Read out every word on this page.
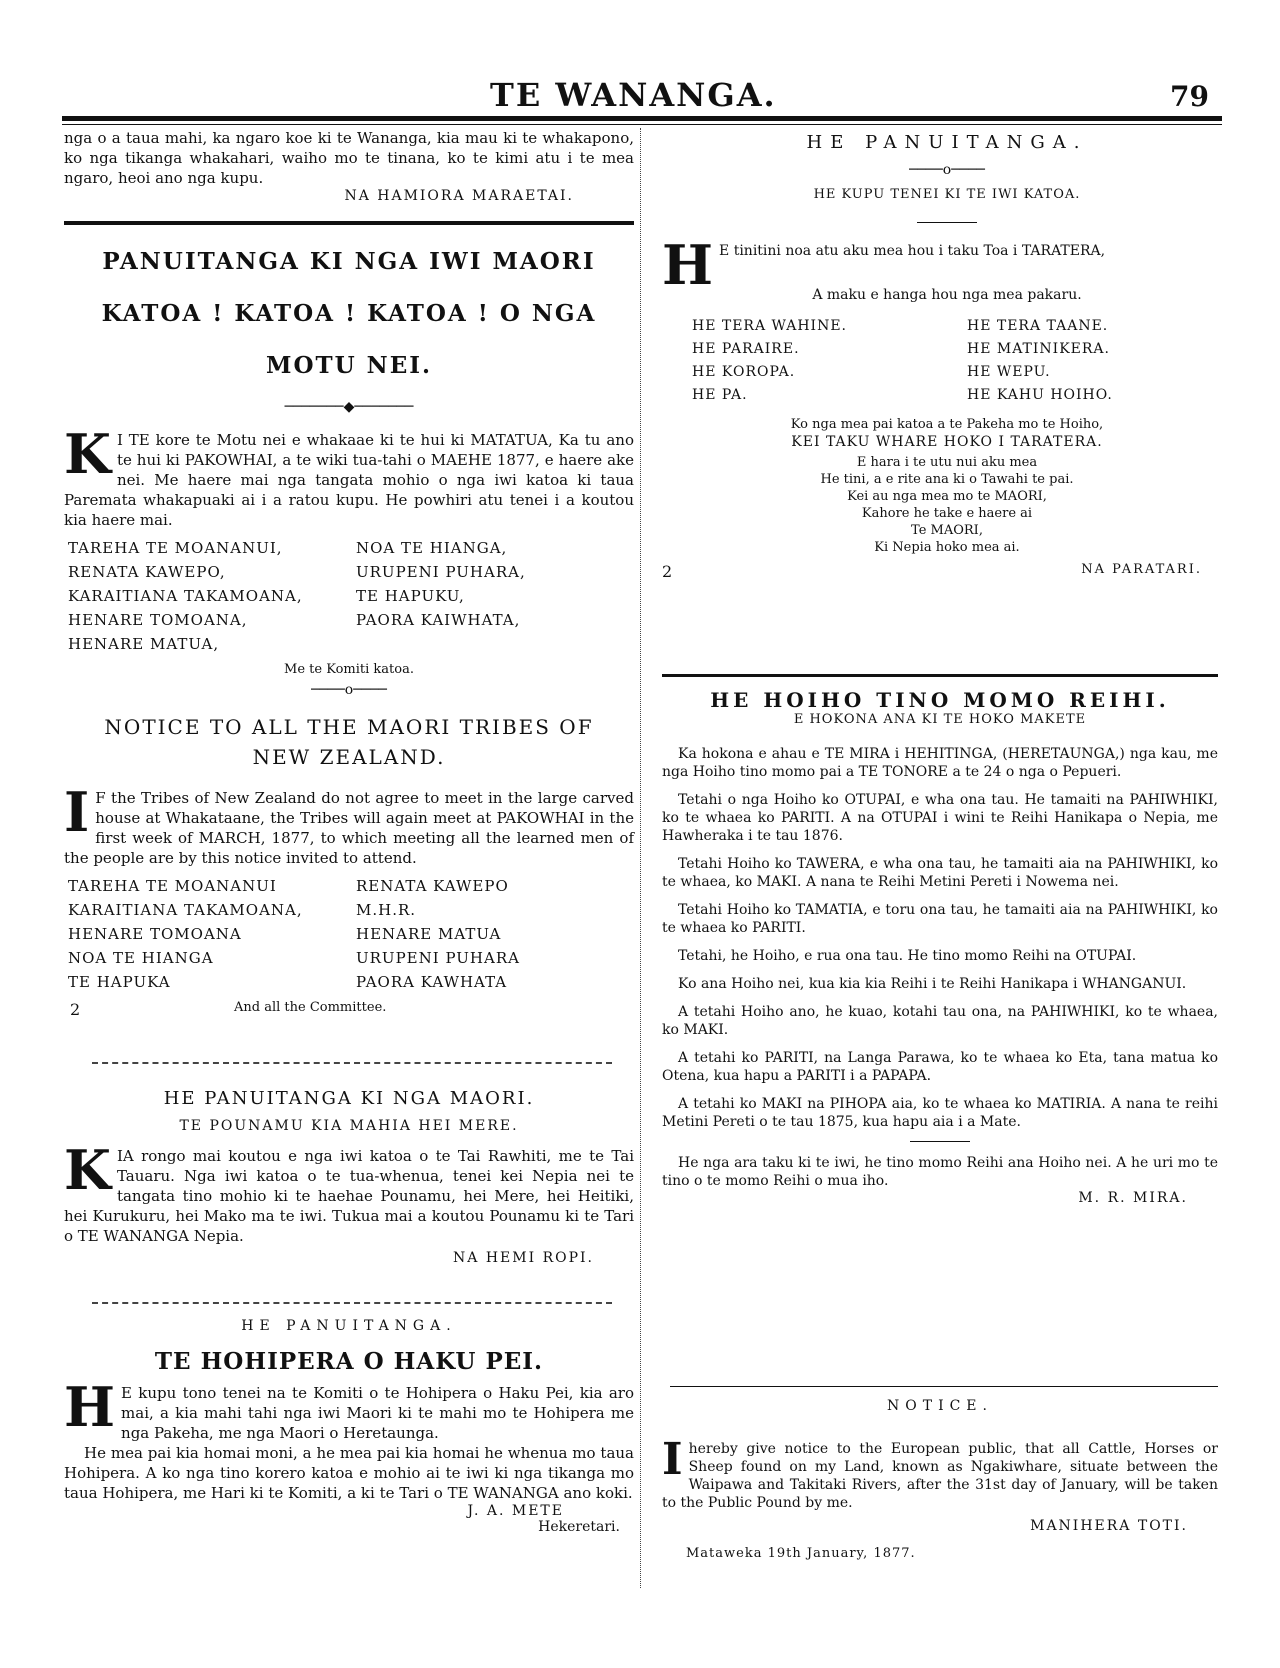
TE WANANGA.	79

nga o a taua mahi, ka ngaro koe ki te Wananga, kia mau ki te whakapono, ko nga tikanga whakahari, waiho mo te tinana, ko te kimi atu i te mea ngaro, heoi ano nga kupu.

NA HAMIORA MARAETAI.
PANUITANGA KI NGA IWI MAORI
KATOA ! KATOA ! KATOA ! O NGA
MOTU NEI.
───────◆───────

K I TE kore te Motu nei e whakaae ki te hui ki MATATUA, Ka tu ano te hui ki PAKOWHAI, a te wiki tua-tahi o MAEHE 1877, e haere ake nei. Me haere mai nga tangata mohio o nga iwi katoa ki taua Paremata whakapuaki ai i a ratou kupu. He powhiri atu tenei i a koutou kia haere mai.

TAREHA TE MOANANUI,	NOA TE HIANGA,
RENATA KAWEPO,	URUPENI PUHARA,
KARAITIANA TAKAMOANA,	TE HAPUKU,
HENARE TOMOANA,	PAORA KAIWHATA,
HENARE MATUA,
Me te Komiti katoa.
────o────
NOTICE TO ALL THE MAORI TRIBES OF
NEW ZEALAND.

I F the Tribes of New Zealand do not agree to meet in the large carved house at Whakataane, the Tribes will again meet at PAKOWHAI in the first week of MARCH, 1877, to which meeting all the learned men of the people are by this notice invited to attend.

TAREHA TE MOANANUI	RENATA KAWEPO
KARAITIANA TAKAMOANA,	M.H.R.
HENARE TOMOANA	HENARE MATUA
NOA TE HIANGA	URUPENI PUHARA
TE HAPUKA	PAORA KAWHATA
2	And all the Committee.
HE PANUITANGA KI NGA MAORI.
TE POUNAMU KIA MAHIA HEI MERE.

KIA rongo mai koutou e nga iwi katoa o te Tai Rawhiti, me te Tai Tauaru. Nga iwi katoa o te tua-whenua, tenei kei Nepia nei te tangata tino mohio ki te haehae Pounamu, hei Mere, hei Heitiki, hei Kurukuru, hei Mako ma te iwi. Tukua mai a koutou Pounamu ki te Tari o TE WANANGA Nepia.

NA HEMI ROPI.
HE PANUITANGA.
TE HOHIPERA O HAKU PEI.

H E kupu tono tenei na te Komiti o te Hohipera o Haku Pei, kia aro mai, a kia mahi tahi nga iwi Maori ki te mahi mo te Hohipera me nga Pakeha, me nga Maori o Heretaunga.

He mea pai kia homai moni, a he mea pai kia homai he whenua mo taua Hohipera. A ko nga tino korero katoa e mohio ai te iwi ki nga tikanga mo taua Hohipera, me Hari ki te Komiti, a ki te Tari o TE WANANGA ano koki.

J. A. METE
Hekeretari.
HE PANUITANGA.
────o────
HE KUPU TENEI KI TE IWI KATOA.

H E tinitini noa atu aku mea hou i taku Toa i TARATERA,

A maku e hanga hou nga mea pakaru.
HE TERA WAHINE.	HE TERA TAANE.
HE PARAIRE.	HE MATINIKERA.
HE KOROPA.	HE WEPU.
HE PA.	HE KAHU HOIHO.
Ko nga mea pai katoa a te Pakeha mo te Hoiho,
KEI TAKU WHARE HOKO I TARATERA.
E hara i te utu nui aku mea
He tini, a e rite ana ki o Tawahi te pai.
Kei au nga mea mo te MAORI,
Kahore he take e haere ai
Te MAORI,
Ki Nepia hoko mea ai.
2	NA PARATARI.
HE HOIHO TINO MOMO REIHI.
E HOKONA ANA KI TE HOKO MAKETE

Ka hokona e ahau e TE MIRA i HEHITINGA, (HERETAUNGA,) nga kau, me nga Hoiho tino momo pai a TE TONORE a te 24 o nga o Pepueri.

Tetahi o nga Hoiho ko OTUPAI, e wha ona tau. He tamaiti na PAHIWHIKI, ko te whaea ko PARITI. A na OTUPAI i wini te Reihi Hanikapa o Nepia, me Hawheraka i te tau 1876.

Tetahi Hoiho ko TAWERA, e wha ona tau, he tamaiti aia na PAHIWHIKI, ko te whaea, ko MAKI. A nana te Reihi Metini Pereti i Nowema nei.

Tetahi Hoiho ko TAMATIA, e toru ona tau, he tamaiti aia na PAHIWHIKI, ko te whaea ko PARITI.

Tetahi, he Hoiho, e rua ona tau. He tino momo Reihi na OTUPAI.

Ko ana Hoiho nei, kua kia kia Reihi i te Reihi Hanikapa i WHANGANUI.

A tetahi Hoiho ano, he kuao, kotahi tau ona, na PAHIWHIKI, ko te whaea, ko MAKI.

A tetahi ko PARITI, na Langa Parawa, ko te whaea ko Eta, tana matua ko Otena, kua hapu a PARITI i a PAPAPA.

A tetahi ko MAKI na PIHOPA aia, ko te whaea ko MATIRIA. A nana te reihi Metini Pereti o te tau 1875, kua hapu aia i a Mate.

He nga ara taku ki te iwi, he tino momo Reihi ana Hoiho nei. A he uri mo te tino o te momo Reihi o mua iho.

M. R. MIRA.
NOTICE.

Ihereby give notice to the European public, that all Cattle, Horses or Sheep found on my Land, known as Ngakiwhare, situate between the Waipawa and Takitaki Rivers, after the 31st day of January, will be taken to the Public Pound by me.

MANIHERA TOTI.
Mataweka 19th January, 1877.
